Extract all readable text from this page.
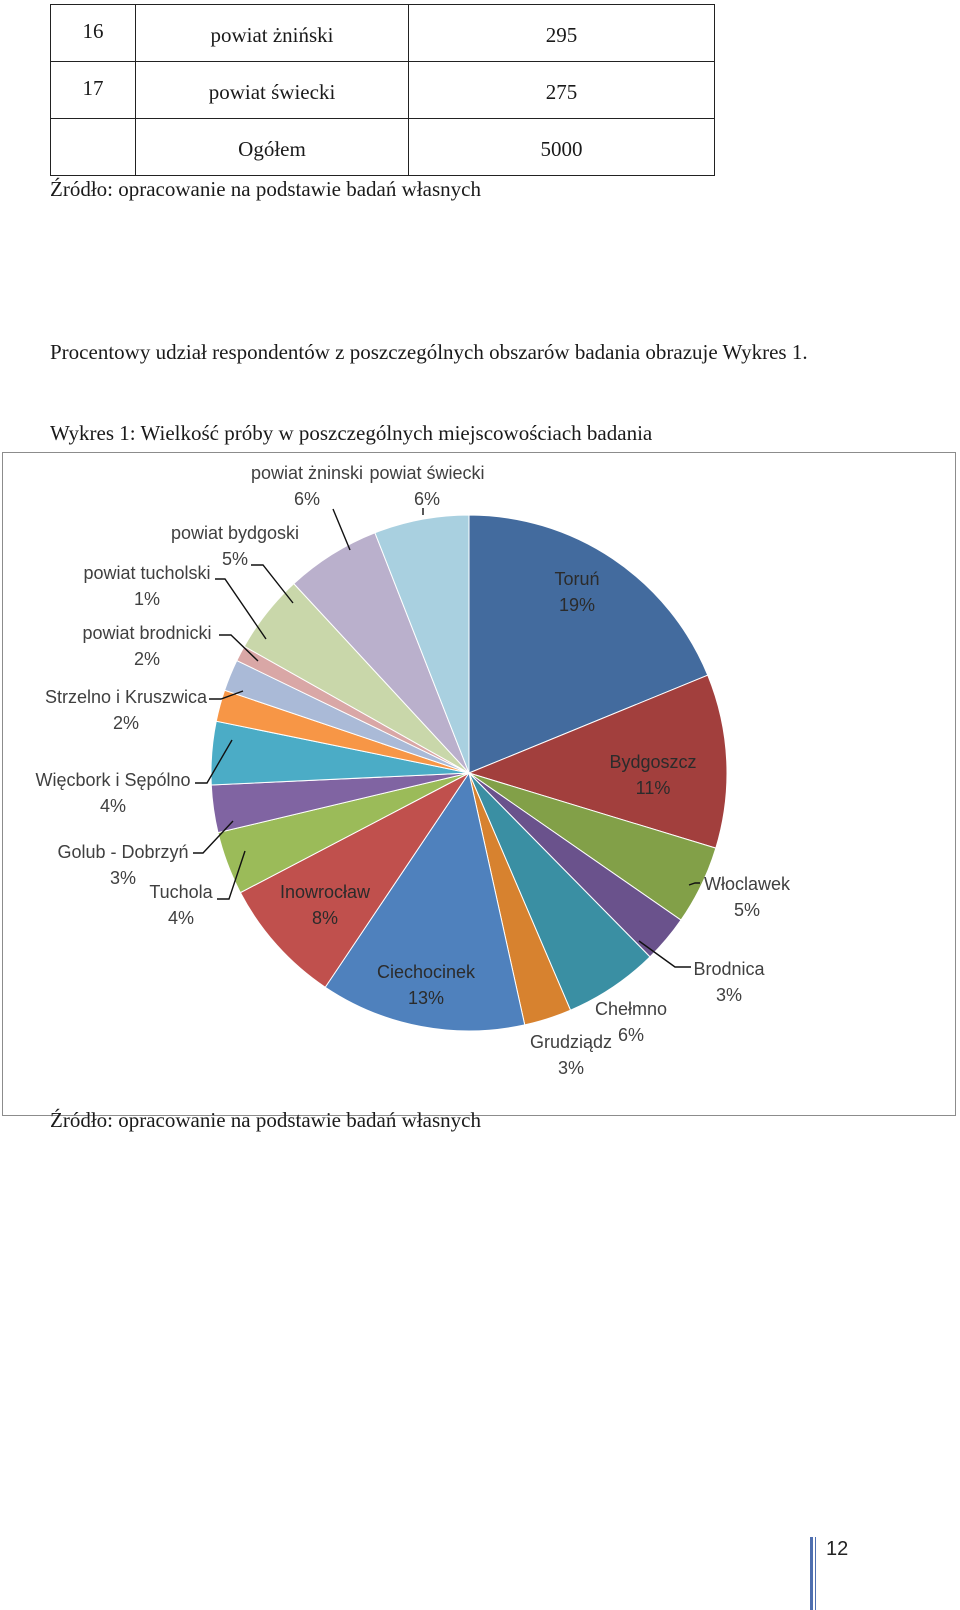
16	powiat żniński	295
17	powiat świecki	275
	Ogółem	5000
Źródło: opracowanie na podstawie badań własnych
Procentowy udział respondentów z poszczególnych obszarów badania obrazuje Wykres 1.
Wykres 1: Wielkość próby w poszczególnych miejscowościach badania
Toruń 19%
Bydgoszcz 11%
Włoclawek 5%
Brodnica 3%
Chełmno 6%
Grudziądz 3%
Ciechocinek 13%
Inowrocław 8%
Tuchola 4%
Golub - Dobrzyń 3%
Więcbork i Sępólno 4%
Strzelno i Kruszwica 2%
powiat brodnicki 2%
powiat tucholski 1%
powiat bydgoski 5%
powiat żninski 6%
powiat świecki 6%
Źródło: opracowanie na podstawie badań własnych
12
